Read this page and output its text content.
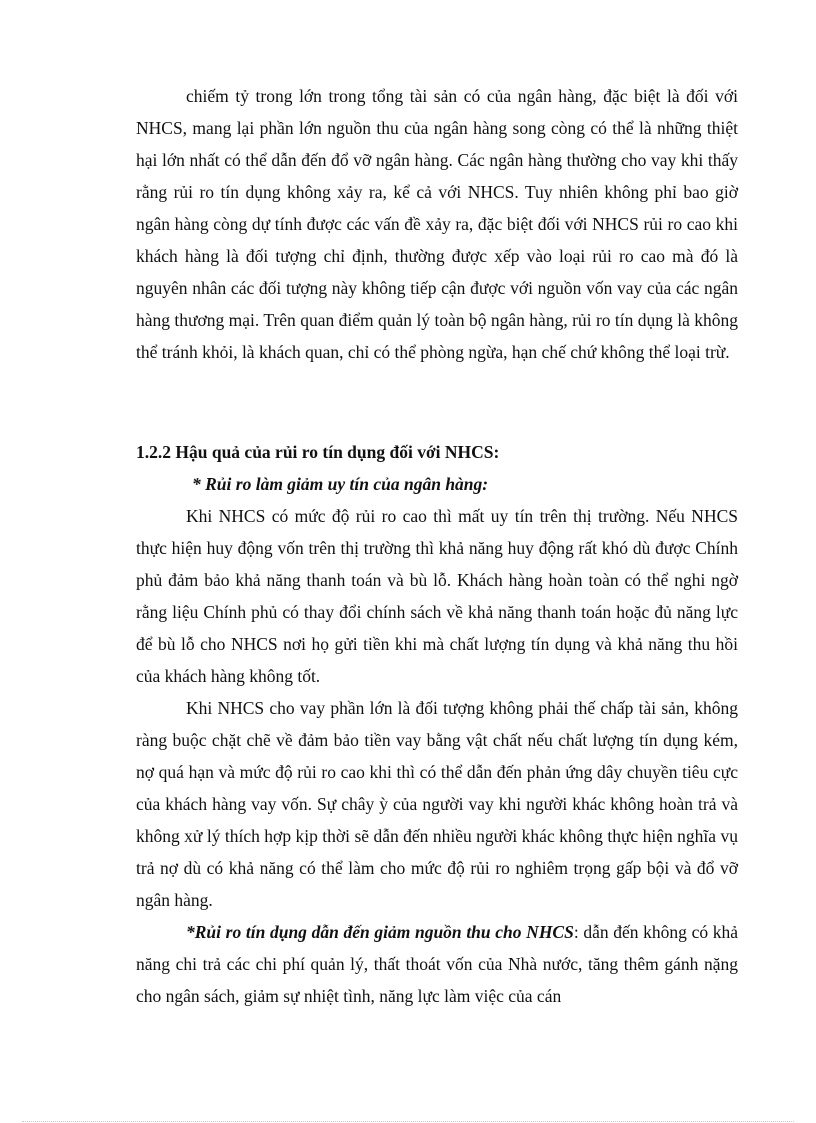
chiếm tỷ trong lớn trong tổng tài sản có của ngân hàng, đặc biệt là đối với NHCS, mang lại phần lớn nguồn thu của ngân hàng song còng có thể là những thiệt hại lớn nhất có thể dẫn đến đổ vỡ ngân hàng. Các ngân hàng thường cho vay khi thấy rằng rủi ro tín dụng không xảy ra, kể cả với NHCS. Tuy nhiên không phỉ bao giờ ngân hàng còng dự tính được các vấn đề xảy ra, đặc biệt đối với NHCS rủi ro cao khi khách hàng là đối tượng chỉ định, thường được xếp vào loại rủi ro cao mà đó là nguyên nhân các đối tượng này không tiếp cận được với nguồn vốn vay của các ngân hàng thương mại. Trên quan điểm quản lý toàn bộ ngân hàng, rủi ro tín dụng là không thể tránh khỏi, là khách quan, chỉ có thể phòng ngừa, hạn chế chứ không thể loại trừ.

1.2.2 Hậu quả của rủi ro tín dụng đối với NHCS:

* Rủi ro làm giảm uy tín của ngân hàng:

Khi NHCS có mức độ rủi ro cao thì mất uy tín trên thị trường. Nếu NHCS thực hiện huy động vốn trên thị trường thì khả năng huy động rất khó dù được Chính phủ đảm bảo khả năng thanh toán và bù lỗ. Khách hàng hoàn toàn có thể nghi ngờ rằng liệu Chính phủ có thay đổi chính sách về khả năng thanh toán hoặc đủ năng lực để bù lỗ cho NHCS nơi họ gửi tiền khi mà chất lượng tín dụng và khả năng thu hồi của khách hàng không tốt.

Khi NHCS cho vay phần lớn là đối tượng không phải thế chấp tài sản, không ràng buộc chặt chẽ về đảm bảo tiền vay bằng vật chất nếu chất lượng tín dụng kém, nợ quá hạn và mức độ rủi ro cao khi thì có thể dẫn đến phản ứng dây chuyền tiêu cực của khách hàng vay vốn. Sự chây ỳ của người vay khi người khác không hoàn trả và không xử lý thích hợp kịp thời sẽ dẫn đến nhiều người khác không thực hiện nghĩa vụ trả nợ dù có khả năng có thể làm cho mức độ rủi ro nghiêm trọng gấp bội và đổ vỡ ngân hàng.

*Rủi ro tín dụng dẫn đến giảm nguồn thu cho NHCS: dẫn đến không có khả năng chi trả các chi phí quản lý, thất thoát vốn của Nhà nước, tăng thêm gánh nặng cho ngân sách, giảm sự nhiệt tình, năng lực làm việc của cán
